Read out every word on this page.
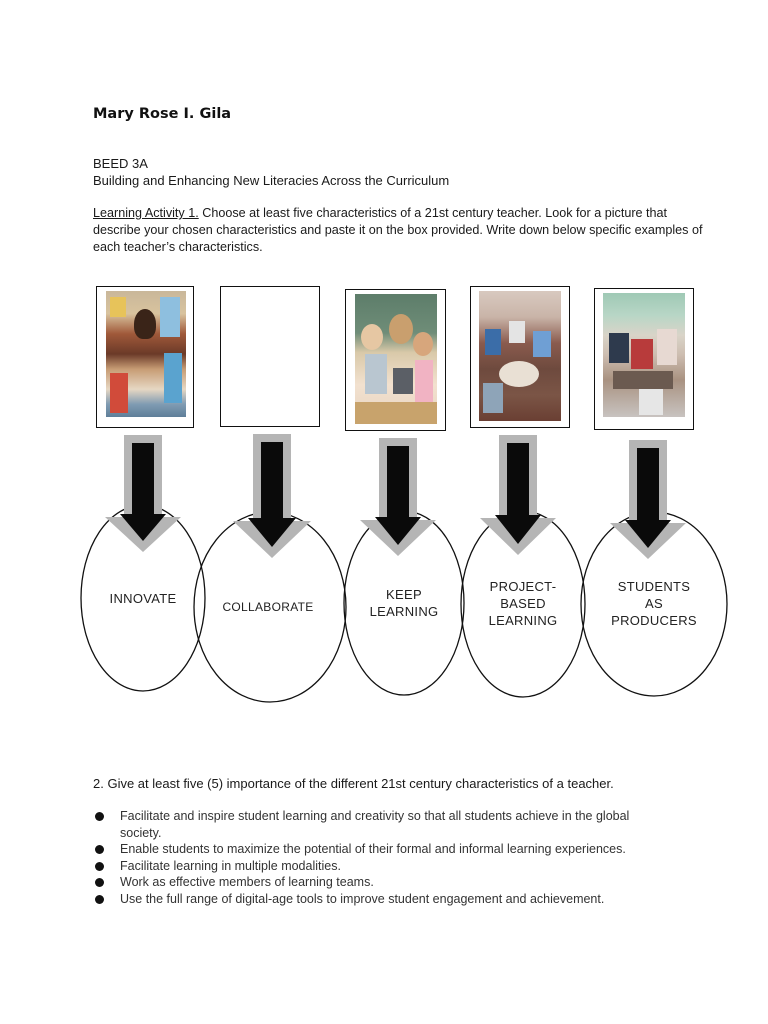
Mary Rose I. Gila
BEED 3A
Building and Enhancing New Literacies Across the Curriculum
Learning Activity 1. Choose at least five characteristics of a 21st century teacher. Look for a picture that describe your chosen characteristics and paste it on the box provided. Write down below specific examples of each teacher’s characteristics.
INNOVATE
COLLABORATE
KEEP
LEARNING
PROJECT-
BASED
LEARNING
STUDENTS
AS
PRODUCERS
2. Give at least five (5) importance of the different 21st century characteristics of a teacher.
Facilitate and inspire student learning and creativity so that all students achieve in the global society.
Enable students to maximize the potential of their formal and informal learning experiences.
Facilitate learning in multiple modalities.
Work as effective members of learning teams.
Use the full range of digital-age tools to improve student engagement and achievement.
